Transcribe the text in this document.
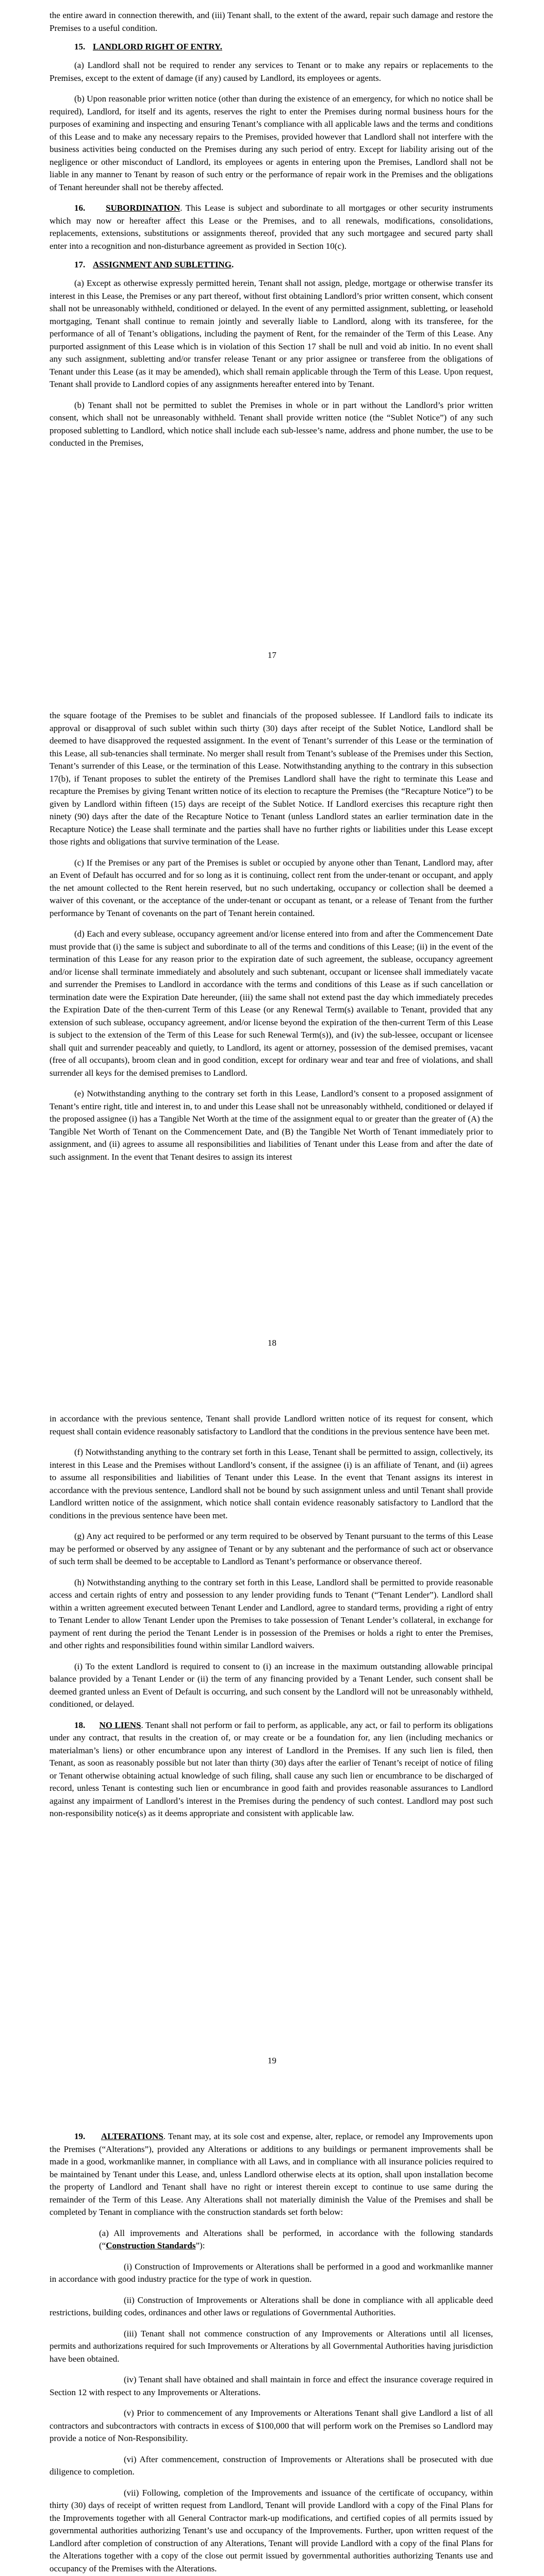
the entire award in connection therewith, and (iii) Tenant shall, to the extent of the award, repair such damage and restore the Premises to a useful condition.

15. LANDLORD RIGHT OF ENTRY.

(a) Landlord shall not be required to render any services to Tenant or to make any repairs or replacements to the Premises, except to the extent of damage (if any) caused by Landlord, its employees or agents.

(b) Upon reasonable prior written notice (other than during the existence of an emergency, for which no notice shall be required), Landlord, for itself and its agents, reserves the right to enter the Premises during normal business hours for the purposes of examining and inspecting and ensuring Tenant’s compliance with all applicable laws and the terms and conditions of this Lease and to make any necessary repairs to the Premises, provided however that Landlord shall not interfere with the business activities being conducted on the Premises during any such period of entry. Except for liability arising out of the negligence or other misconduct of Landlord, its employees or agents in entering upon the Premises, Landlord shall not be liable in any manner to Tenant by reason of such entry or the performance of repair work in the Premises and the obligations of Tenant hereunder shall not be thereby affected.

16. SUBORDINATION. This Lease is subject and subordinate to all mortgages or other security instruments which may now or hereafter affect this Lease or the Premises, and to all renewals, modifications, consolidations, replacements, extensions, substitutions or assignments thereof, provided that any such mortgagee and secured party shall enter into a recognition and non-disturbance agreement as provided in Section 10(c).

17. ASSIGNMENT AND SUBLETTING.

(a) Except as otherwise expressly permitted herein, Tenant shall not assign, pledge, mortgage or otherwise transfer its interest in this Lease, the Premises or any part thereof, without first obtaining Landlord’s prior written consent, which consent shall not be unreasonably withheld, conditioned or delayed. In the event of any permitted assignment, subletting, or leasehold mortgaging, Tenant shall continue to remain jointly and severally liable to Landlord, along with its transferee, for the performance of all of Tenant’s obligations, including the payment of Rent, for the remainder of the Term of this Lease. Any purported assignment of this Lease which is in violation of this Section 17 shall be null and void ab initio. In no event shall any such assignment, subletting and/or transfer release Tenant or any prior assignee or transferee from the obligations of Tenant under this Lease (as it may be amended), which shall remain applicable through the Term of this Lease. Upon request, Tenant shall provide to Landlord copies of any assignments hereafter entered into by Tenant.

(b) Tenant shall not be permitted to sublet the Premises in whole or in part without the Landlord’s prior written consent, which shall not be unreasonably withheld. Tenant shall provide written notice (the “Sublet Notice”) of any such proposed subletting to Landlord, which notice shall include each sub-lessee’s name, address and phone number, the use to be conducted in the Premises,

17

the square footage of the Premises to be sublet and financials of the proposed sublessee. If Landlord fails to indicate its approval or disapproval of such sublet within such thirty (30) days after receipt of the Sublet Notice, Landlord shall be deemed to have disapproved the requested assignment. In the event of Tenant’s surrender of this Lease or the termination of this Lease, all sub-tenancies shall terminate. No merger shall result from Tenant’s sublease of the Premises under this Section, Tenant’s surrender of this Lease, or the termination of this Lease. Notwithstanding anything to the contrary in this subsection 17(b), if Tenant proposes to sublet the entirety of the Premises Landlord shall have the right to terminate this Lease and recapture the Premises by giving Tenant written notice of its election to recapture the Premises (the “Recapture Notice”) to be given by Landlord within fifteen (15) days are receipt of the Sublet Notice. If Landlord exercises this recapture right then ninety (90) days after the date of the Recapture Notice to Tenant (unless Landlord states an earlier termination date in the Recapture Notice) the Lease shall terminate and the parties shall have no further rights or liabilities under this Lease except those rights and obligations that survive termination of the Lease.

(c) If the Premises or any part of the Premises is sublet or occupied by anyone other than Tenant, Landlord may, after an Event of Default has occurred and for so long as it is continuing, collect rent from the under-tenant or occupant, and apply the net amount collected to the Rent herein reserved, but no such undertaking, occupancy or collection shall be deemed a waiver of this covenant, or the acceptance of the under-tenant or occupant as tenant, or a release of Tenant from the further performance by Tenant of covenants on the part of Tenant herein contained.

(d) Each and every sublease, occupancy agreement and/or license entered into from and after the Commencement Date must provide that (i) the same is subject and subordinate to all of the terms and conditions of this Lease; (ii) in the event of the termination of this Lease for any reason prior to the expiration date of such agreement, the sublease, occupancy agreement and/or license shall terminate immediately and absolutely and such subtenant, occupant or licensee shall immediately vacate and surrender the Premises to Landlord in accordance with the terms and conditions of this Lease as if such cancellation or termination date were the Expiration Date hereunder, (iii) the same shall not extend past the day which immediately precedes the Expiration Date of the then-current Term of this Lease (or any Renewal Term(s) available to Tenant, provided that any extension of such sublease, occupancy agreement, and/or license beyond the expiration of the then-current Term of this Lease is subject to the extension of the Term of this Lease for such Renewal Term(s)), and (iv) the sub-lessee, occupant or licensee shall quit and surrender peaceably and quietly, to Landlord, its agent or attorney, possession of the demised premises, vacant (free of all occupants), broom clean and in good condition, except for ordinary wear and tear and free of violations, and shall surrender all keys for the demised premises to Landlord.

(e) Notwithstanding anything to the contrary set forth in this Lease, Landlord’s consent to a proposed assignment of Tenant’s entire right, title and interest in, to and under this Lease shall not be unreasonably withheld, conditioned or delayed if the proposed assignee (i) has a Tangible Net Worth at the time of the assignment equal to or greater than the greater of (A) the Tangible Net Worth of Tenant on the Commencement Date, and (B) the Tangible Net Worth of Tenant immediately prior to assignment, and (ii) agrees to assume all responsibilities and liabilities of Tenant under this Lease from and after the date of such assignment. In the event that Tenant desires to assign its interest

18

in accordance with the previous sentence, Tenant shall provide Landlord written notice of its request for consent, which request shall contain evidence reasonably satisfactory to Landlord that the conditions in the previous sentence have been met.

(f) Notwithstanding anything to the contrary set forth in this Lease, Tenant shall be permitted to assign, collectively, its interest in this Lease and the Premises without Landlord’s consent, if the assignee (i) is an affiliate of Tenant, and (ii) agrees to assume all responsibilities and liabilities of Tenant under this Lease. In the event that Tenant assigns its interest in accordance with the previous sentence, Landlord shall not be bound by such assignment unless and until Tenant shall provide Landlord written notice of the assignment, which notice shall contain evidence reasonably satisfactory to Landlord that the conditions in the previous sentence have been met.

(g) Any act required to be performed or any term required to be observed by Tenant pursuant to the terms of this Lease may be performed or observed by any assignee of Tenant or by any subtenant and the performance of such act or observance of such term shall be deemed to be acceptable to Landlord as Tenant’s performance or observance thereof.

(h) Notwithstanding anything to the contrary set forth in this Lease, Landlord shall be permitted to provide reasonable access and certain rights of entry and possession to any lender providing funds to Tenant (“Tenant Lender”). Landlord shall within a written agreement executed between Tenant Lender and Landlord, agree to standard terms, providing a right of entry to Tenant Lender to allow Tenant Lender upon the Premises to take possession of Tenant Lender’s collateral, in exchange for payment of rent during the period the Tenant Lender is in possession of the Premises or holds a right to enter the Premises, and other rights and responsibilities found within similar Landlord waivers.

(i) To the extent Landlord is required to consent to (i) an increase in the maximum outstanding allowable principal balance provided by a Tenant Lender or (ii) the term of any financing provided by a Tenant Lender, such consent shall be deemed granted unless an Event of Default is occurring, and such consent by the Landlord will not be unreasonably withheld, conditioned, or delayed.

18. NO LIENS. Tenant shall not perform or fail to perform, as applicable, any act, or fail to perform its obligations under any contract, that results in the creation of, or may create or be a foundation for, any lien (including mechanics or materialman’s liens) or other encumbrance upon any interest of Landlord in the Premises. If any such lien is filed, then Tenant, as soon as reasonably possible but not later than thirty (30) days after the earlier of Tenant’s receipt of notice of filing or Tenant otherwise obtaining actual knowledge of such filing, shall cause any such lien or encumbrance to be discharged of record, unless Tenant is contesting such lien or encumbrance in good faith and provides reasonable assurances to Landlord against any impairment of Landlord’s interest in the Premises during the pendency of such contest. Landlord may post such non-responsibility notice(s) as it deems appropriate and consistent with applicable law.

19

19. ALTERATIONS. Tenant may, at its sole cost and expense, alter, replace, or remodel any Improvements upon the Premises (“Alterations”), provided any Alterations or additions to any buildings or permanent improvements shall be made in a good, workmanlike manner, in compliance with all Laws, and in compliance with all insurance policies required to be maintained by Tenant under this Lease, and, unless Landlord otherwise elects at its option, shall upon installation become the property of Landlord and Tenant shall have no right or interest therein except to continue to use same during the remainder of the Term of this Lease. Any Alterations shall not materially diminish the Value of the Premises and shall be completed by Tenant in compliance with the construction standards set forth below:

(a) All improvements and Alterations shall be performed, in accordance with the following standards (“Construction Standards”):

(i) Construction of Improvements or Alterations shall be performed in a good and workmanlike manner in accordance with good industry practice for the type of work in question.

(ii) Construction of Improvements or Alterations shall be done in compliance with all applicable deed restrictions, building codes, ordinances and other laws or regulations of Governmental Authorities.

(iii) Tenant shall not commence construction of any Improvements or Alterations until all licenses, permits and authorizations required for such Improvements or Alterations by all Governmental Authorities having jurisdiction have been obtained.

(iv) Tenant shall have obtained and shall maintain in force and effect the insurance coverage required in Section 12 with respect to any Improvements or Alterations.

(v) Prior to commencement of any Improvements or Alterations Tenant shall give Landlord a list of all contractors and subcontractors with contracts in excess of $100,000 that will perform work on the Premises so Landlord may provide a notice of Non-Responsibility.

(vi) After commencement, construction of Improvements or Alterations shall be prosecuted with due diligence to completion.

(vii) Following, completion of the Improvements and issuance of the certificate of occupancy, within thirty (30) days of receipt of written request from Landlord, Tenant will provide Landlord with a copy of the Final Plans for the Improvements together with all General Contractor mark-up modifications, and certified copies of all permits issued by governmental authorities authorizing Tenant’s use and occupancy of the Improvements. Further, upon written request of the Landlord after completion of construction of any Alterations, Tenant will provide Landlord with a copy of the final Plans for the Alterations together with a copy of the close out permit issued by governmental authorities authorizing Tenants use and occupancy of the Premises with the Alterations.
